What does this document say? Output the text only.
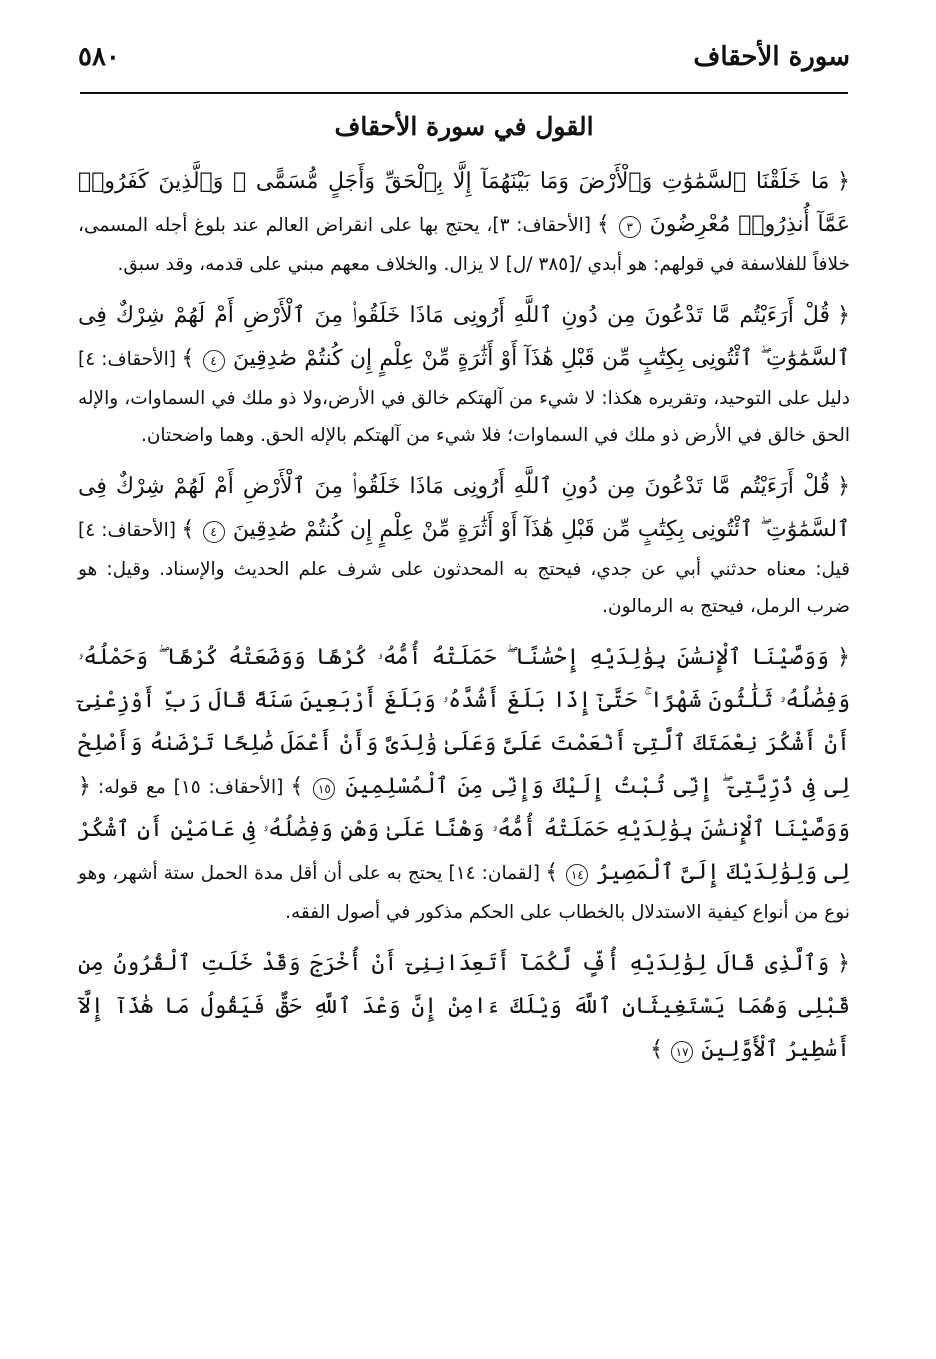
سورة الأحقاف
٥٨٠
القول في سورة الأحقاف

﴿ مَا خَلَقْنَا ٱلسَّمَٰوَٰتِ وَٱلْأَرْضَ وَمَا بَيْنَهُمَآ إِلَّا بِٱلْحَقِّ وَأَجَلٍ مُّسَمًّى ۚ وَٱلَّذِينَ كَفَرُوا۟ عَمَّآ أُنذِرُوا۟ مُعْرِضُونَ ٣ ﴾ [الأحقاف: ٣]، يحتج بها على انقراض العالم عند بلوغ أجله المسمى، خلافاً للفلاسفة في قولهم: هو أبدي /[٣٨٥ /ل] لا يزال. والخلاف معهم مبني على قدمه، وقد سبق.

﴿ قُلْ أَرَءَيْتُم مَّا تَدْعُونَ مِن دُونِ ٱللَّهِ أَرُونِى مَاذَا خَلَقُوا۟ مِنَ ٱلْأَرْضِ أَمْ لَهُمْ شِرْكٌ فِى ٱلسَّمَٰوَٰتِ ۖ ٱئْتُونِى بِكِتَٰبٍ مِّن قَبْلِ هَٰذَآ أَوْ أَثَٰرَةٍ مِّنْ عِلْمٍ إِن كُنتُمْ صَٰدِقِينَ ٤ ﴾ [الأحقاف: ٤] دليل على التوحيد، وتقريره هكذا: لا شيء من آلهتكم خالق في الأرض،ولا ذو ملك في السماوات، والإله الحق خالق في الأرض ذو ملك في السماوات؛ فلا شيء من آلهتكم بالإله الحق. وهما واضحتان.

﴿ قُلْ أَرَءَيْتُم مَّا تَدْعُونَ مِن دُونِ ٱللَّهِ أَرُونِى مَاذَا خَلَقُوا۟ مِنَ ٱلْأَرْضِ أَمْ لَهُمْ شِرْكٌ فِى ٱلسَّمَٰوَٰتِ ۖ ٱئْتُونِى بِكِتَٰبٍ مِّن قَبْلِ هَٰذَآ أَوْ أَثَٰرَةٍ مِّنْ عِلْمٍ إِن كُنتُمْ صَٰدِقِينَ ٤ ﴾ [الأحقاف: ٤] قيل: معناه حدثني أبي عن جدي، فيحتج به المحدثون على شرف علم الحديث والإسناد. وقيل: هو ضرب الرمل، فيحتج به الرمالون.

﴿ وَوَصَّيْنَا ٱلْإِنسَٰنَ بِوَٰلِدَيْهِ إِحْسَٰنًا ۖ حَمَلَتْهُ أُمُّهُۥ كُرْهًا وَوَضَعَتْهُ كُرْهًا ۖ وَحَمْلُهُۥ وَفِصَٰلُهُۥ ثَلَٰثُونَ شَهْرًا ۚ حَتَّىٰٓ إِذَا بَلَغَ أَشُدَّهُۥ وَبَلَغَ أَرْبَعِينَ سَنَةً قَالَ رَبِّ أَوْزِعْنِىٓ أَنْ أَشْكُرَ نِعْمَتَكَ ٱلَّتِىٓ أَنْعَمْتَ عَلَىَّ وَعَلَىٰ وَٰلِدَىَّ وَأَنْ أَعْمَلَ صَٰلِحًا تَرْضَىٰهُ وَأَصْلِحْ لِى فِى ذُرِّيَّتِىٓ ۖ إِنِّى تُبْتُ إِلَيْكَ وَإِنِّى مِنَ ٱلْمُسْلِمِينَ ١٥ ﴾ [الأحقاف: ١٥] مع قوله: ﴿ وَوَصَّيْنَا ٱلْإِنسَٰنَ بِوَٰلِدَيْهِ حَمَلَتْهُ أُمُّهُۥ وَهْنًا عَلَىٰ وَهْنٍ وَفِصَٰلُهُۥ فِى عَامَيْنِ أَنِ ٱشْكُرْ لِى وَلِوَٰلِدَيْكَ إِلَىَّ ٱلْمَصِيرُ ١٤ ﴾ [لقمان: ١٤] يحتج به على أن أقل مدة الحمل ستة أشهر، وهو نوع من أنواع كيفية الاستدلال بالخطاب على الحكم مذكور في أصول الفقه.

﴿ وَٱلَّذِى قَالَ لِوَٰلِدَيْهِ أُفٍّ لَّكُمَآ أَتَعِدَانِنِىٓ أَنْ أُخْرَجَ وَقَدْ خَلَتِ ٱلْقُرُونُ مِن قَبْلِى وَهُمَا يَسْتَغِيثَانِ ٱللَّهَ وَيْلَكَ ءَامِنْ إِنَّ وَعْدَ ٱللَّهِ حَقٌّ فَيَقُولُ مَا هَٰذَآ إِلَّآ أَسَٰطِيرُ ٱلْأَوَّلِينَ ١٧ ﴾
